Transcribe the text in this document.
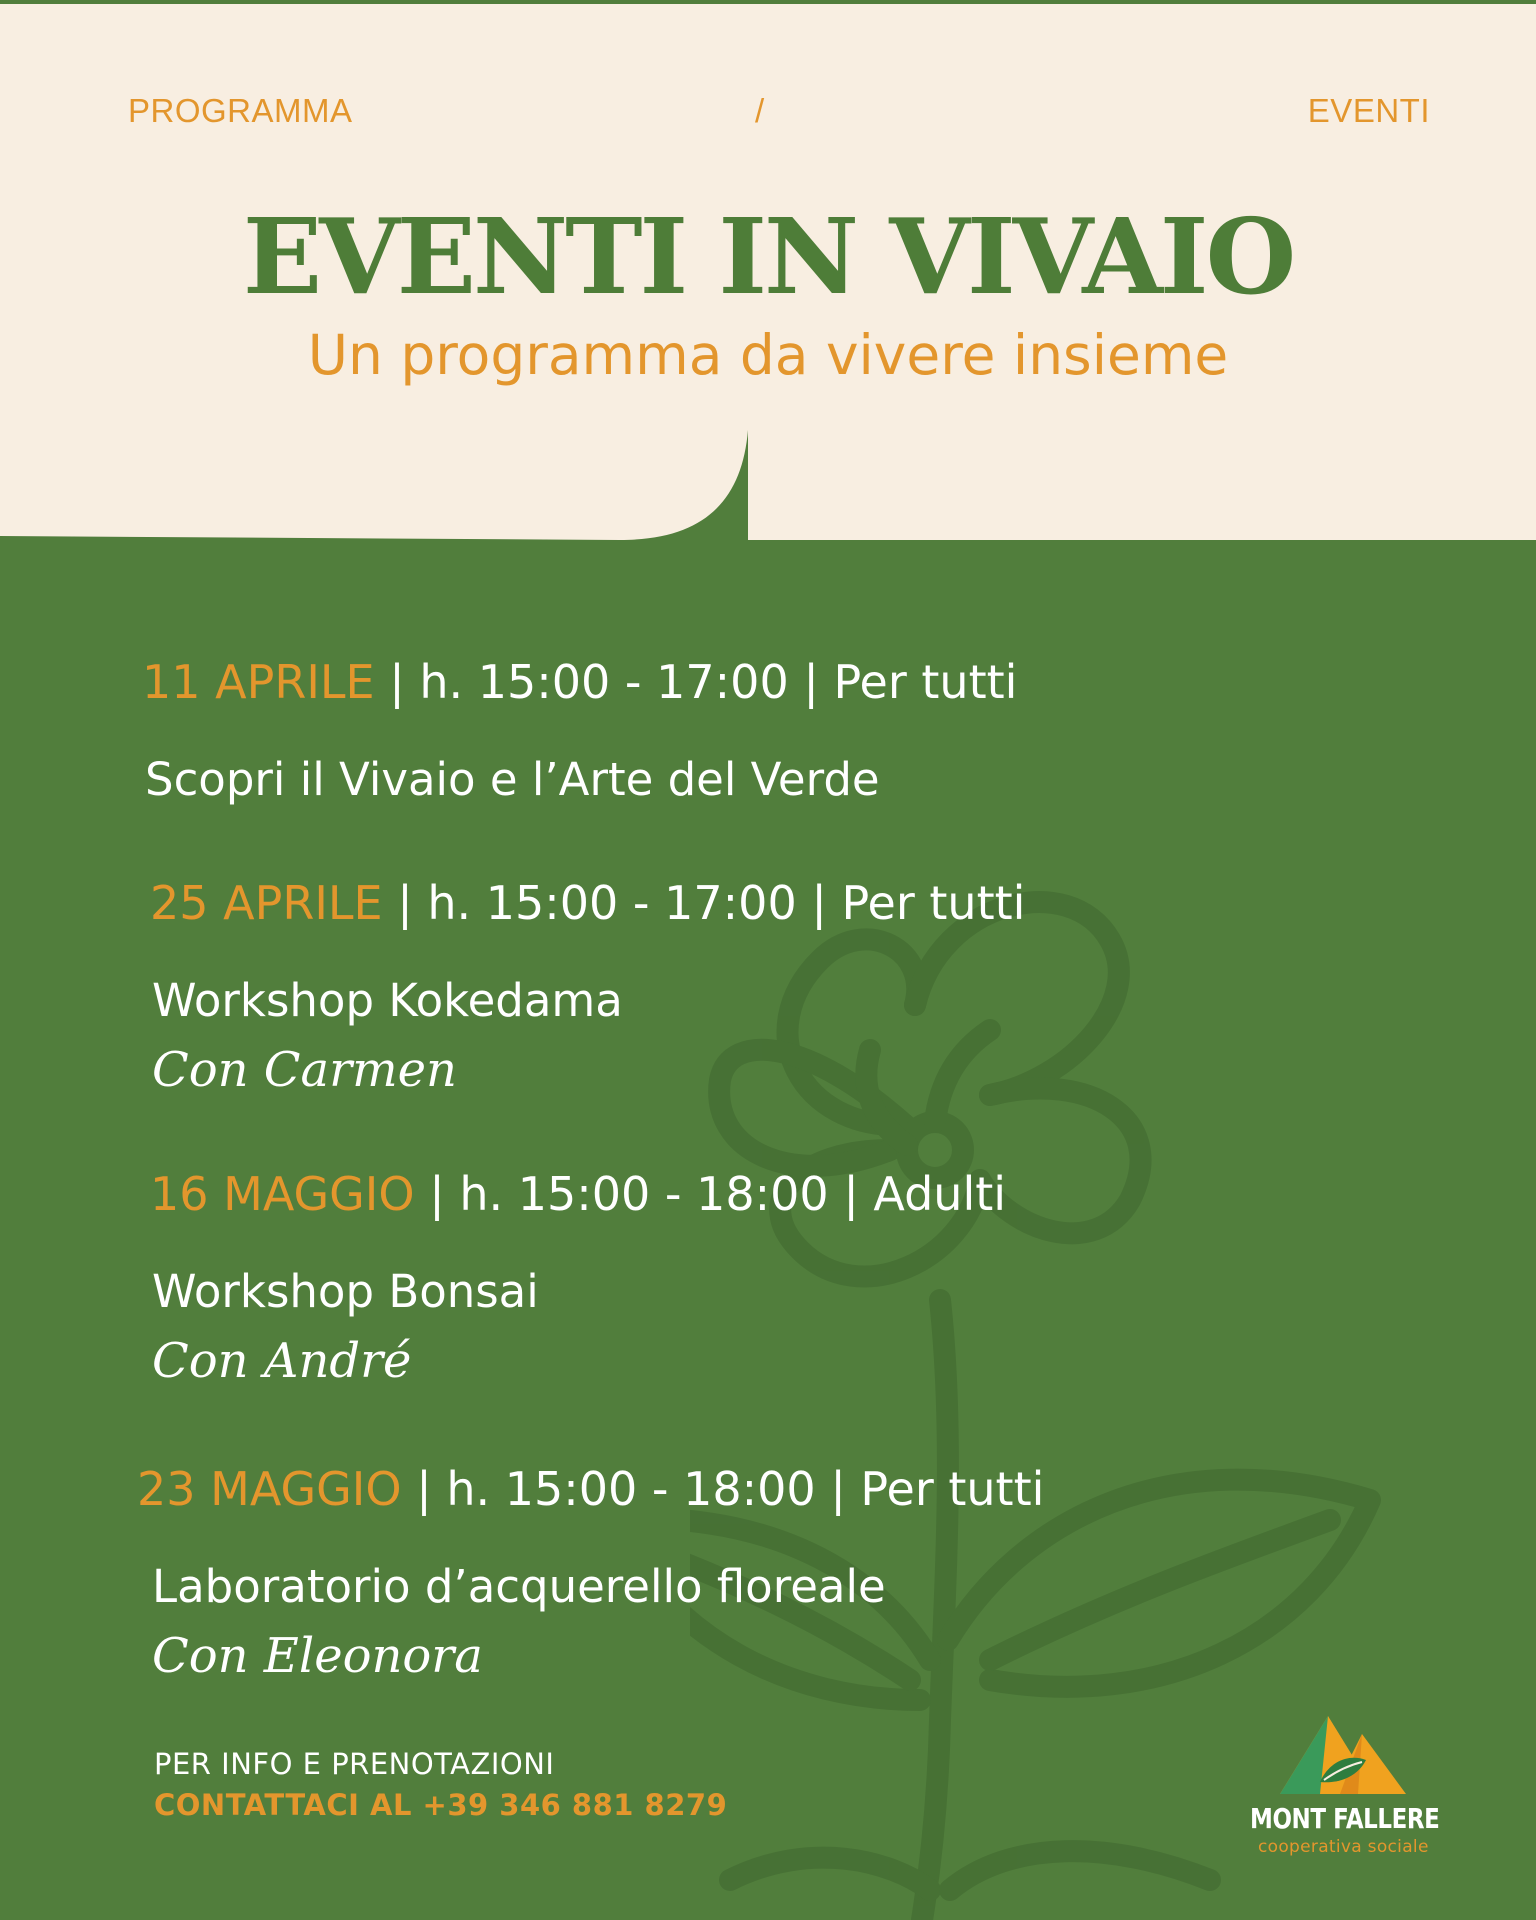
PROGRAMMA	/	EVENTI
EVENTI IN VIVAIO
Un programma da vivere insieme
11 APRILE | h. 15:00 - 17:00 | Per tutti
Scopri il Vivaio e l’Arte del Verde
25 APRILE | h. 15:00 - 17:00 | Per tutti
Workshop Kokedama
Con Carmen
16 MAGGIO | h. 15:00 - 18:00 | Adulti
Workshop Bonsai
Con André
23 MAGGIO | h. 15:00 - 18:00 | Per tutti
Laboratorio d’acquerello floreale
Con Eleonora
PER INFO E PRENOTAZIONI
CONTATTACI AL +39 346 881 8279	MONT FALLERE
cooperativa sociale
